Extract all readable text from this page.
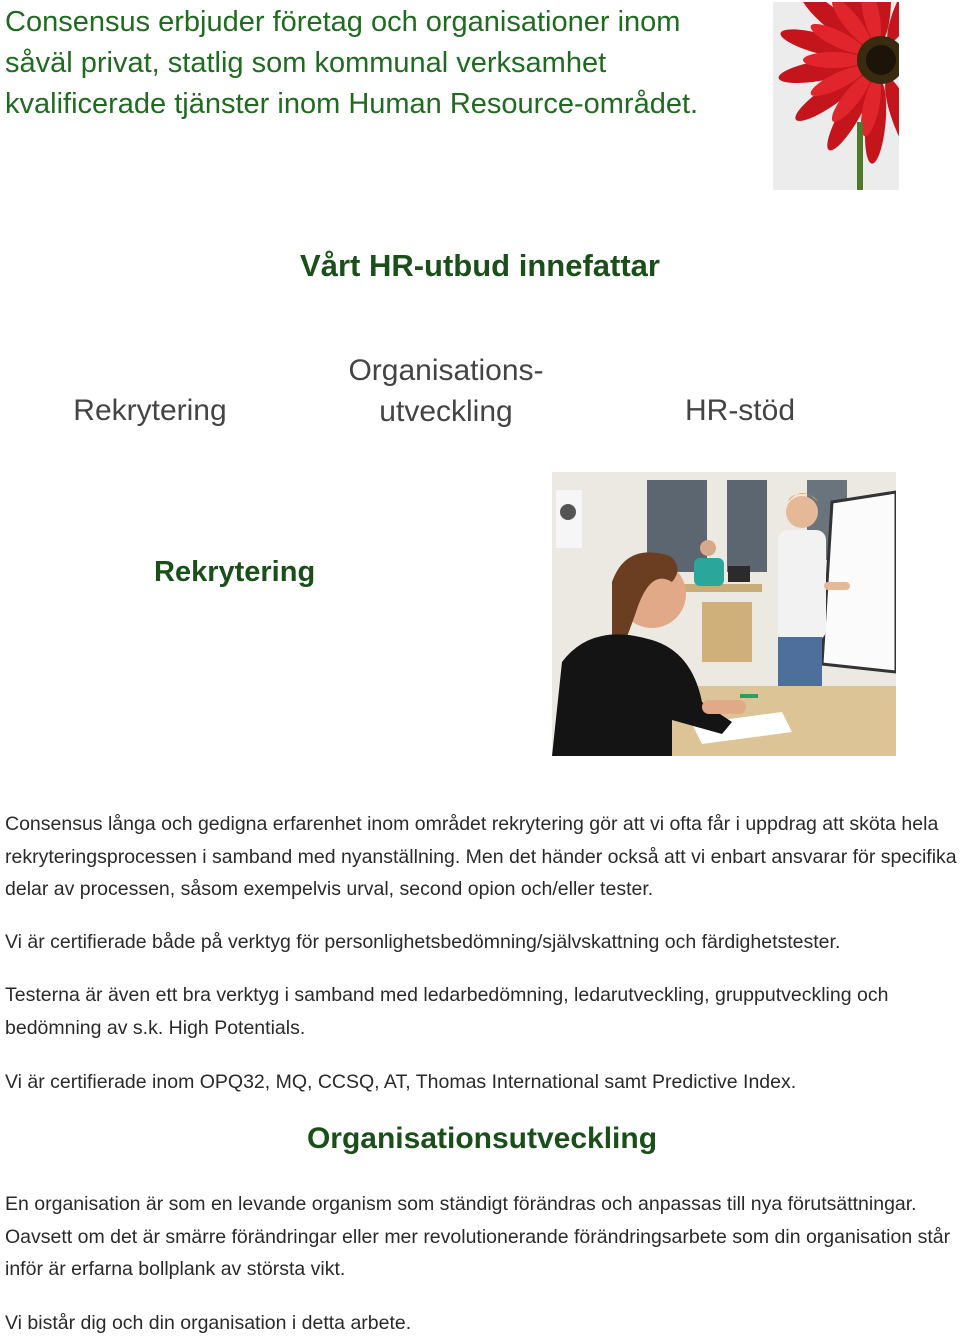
Consensus erbjuder företag och organisationer inom såväl privat, statlig som kommunal verksamhet kvalificerade tjänster inom Human Resource-området.

Vårt HR-utbud innefattar
Rekrytering
Organisations-
utveckling	HR-stöd
Rekrytering

Consensus långa och gedigna erfarenhet inom området rekrytering gör att vi ofta får i uppdrag att sköta hela rekryteringsprocessen i samband med nyanställning. Men det händer också att vi enbart ansvarar för specifika delar av processen, såsom exempelvis urval, second opion och/eller tester.

Vi är certifierade både på verktyg för personlighetsbedömning/självskattning och färdighetstester.

Testerna är även ett bra verktyg i samband med ledarbedömning, ledarutveckling, grupputveckling och bedömning av s.k. High Potentials.

Vi är certifierade inom OPQ32, MQ, CCSQ, AT, Thomas International samt Predictive Index.

Organisationsutveckling

En organisation är som en levande organism som ständigt förändras och anpassas till nya förutsättningar. Oavsett om det är smärre förändringar eller mer revolutionerande förändringsarbete som din organisation står inför är erfarna bollplank av största vikt.

Vi bistår dig och din organisation i detta arbete.
